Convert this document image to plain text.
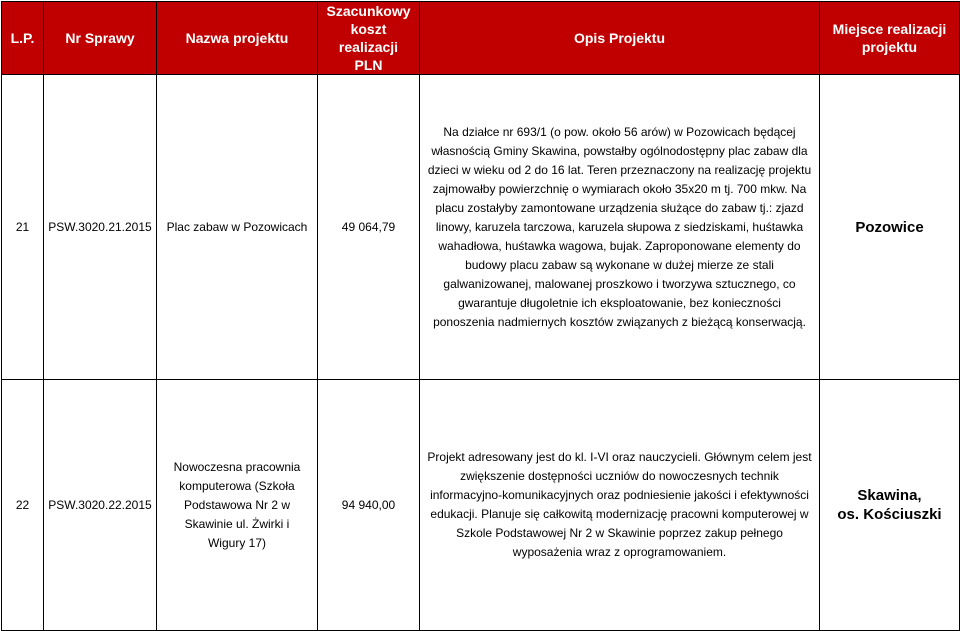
L.P.	Nr Sprawy	Nazwa projektu	Szacunkowy
koszt realizacji
PLN	Opis Projektu	Miejsce realizacji
projektu

21	PSW.3020.21.2015	Plac zabaw w Pozowicach	49 064,79	Na działce nr 693/1 (o pow. około 56 arów) w Pozowicach będącej własnością Gminy Skawina, powstałby ogólnodostępny plac zabaw dla dzieci w wieku od 2 do 16 lat. Teren przeznaczony na realizację projektu zajmowałby powierzchnię o wymiarach około 35x20 m tj. 700 mkw. Na placu zostałyby zamontowane urządzenia służące do zabaw tj.: zjazd linowy, karuzela tarczowa, karuzela słupowa z siedziskami, huśtawka wahadłowa, huśtawka wagowa, bujak. Zaproponowane elementy do budowy placu zabaw są wykonane w dużej mierze ze stali galwanizowanej, malowanej proszkowo i tworzywa sztucznego, co gwarantuje długoletnie ich eksploatowanie, bez konieczności ponoszenia nadmiernych kosztów związanych z bieżącą konserwacją.	Pozowice
22	PSW.3020.22.2015	Nowoczesna pracownia komputerowa (Szkoła Podstawowa Nr 2 w Skawinie ul. Żwirki i Wigury 17)	94 940,00	Projekt adresowany jest do kl. I-VI oraz nauczycieli. Głównym celem jest zwiększenie dostępności uczniów do nowoczesnych technik informacyjno-komunikacyjnych oraz podniesienie jakości i efektywności edukacji. Planuje się całkowitą modernizację pracowni komputerowej w Szkole Podstawowej Nr 2 w Skawinie poprzez zakup pełnego wyposażenia wraz z oprogramowaniem.	Skawina,
os. Kościuszki
